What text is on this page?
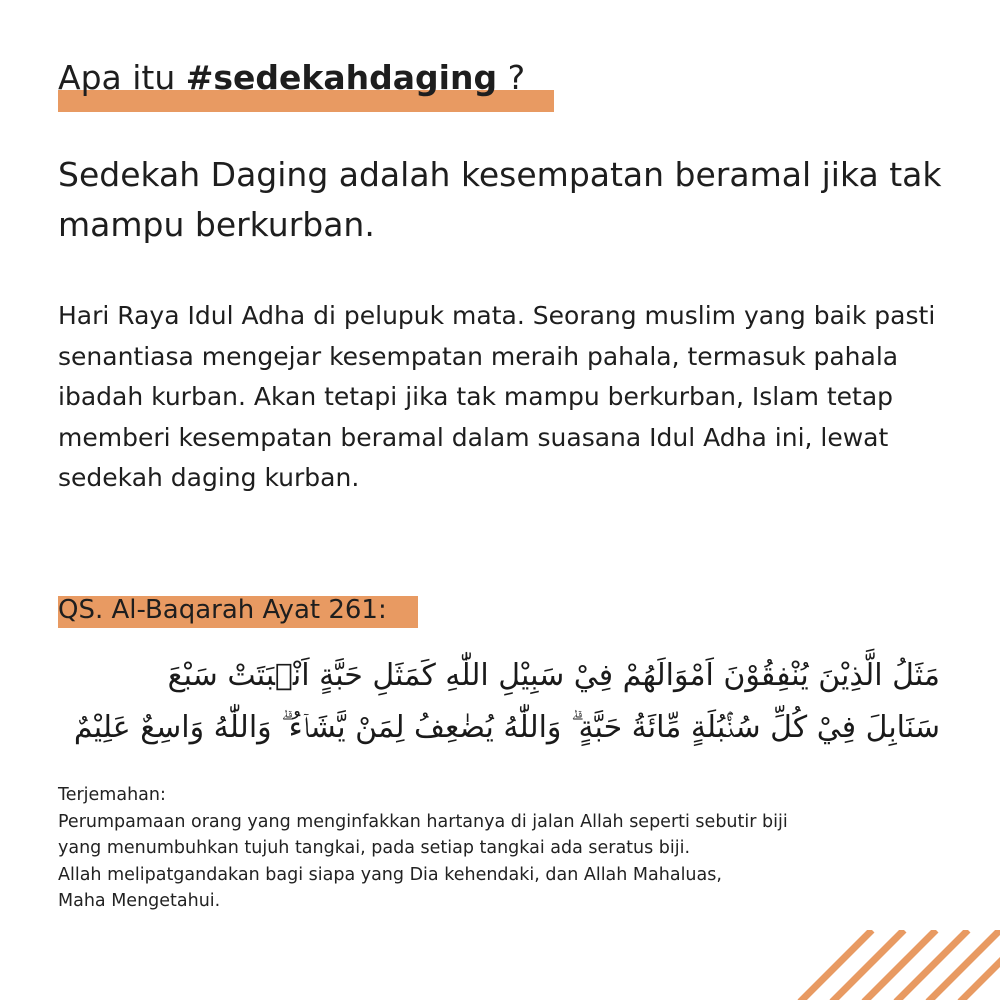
Apa itu #sedekahdaging ?

Sedekah Daging adalah kesempatan beramal jika tak mampu berkurban.

Hari Raya Idul Adha di pelupuk mata. Seorang muslim yang baik pasti senantiasa mengejar kesempatan meraih pahala, termasuk pahala ibadah kurban. Akan tetapi jika tak mampu berkurban, Islam tetap memberi kesempatan beramal dalam suasana Idul Adha ini, lewat sedekah daging kurban.

QS. Al-Baqarah Ayat 261:
مَثَلُ الَّذِيْنَ يُنْفِقُوْنَ اَمْوَالَهُمْ فِيْ سَبِيْلِ اللّٰهِ كَمَثَلِ حَبَّةٍ اَنْۢبَتَتْ سَبْعَ
سَنَابِلَ فِيْ كُلِّ سُنْۢبُلَةٍ مِّائَةُ حَبَّةٍ ۗ وَاللّٰهُ يُضٰعِفُ لِمَنْ يَّشَاۤءُ ۗ وَاللّٰهُ وَاسِعٌ عَلِيْمٌ
Terjemahan:
Perumpamaan orang yang menginfakkan hartanya di jalan Allah seperti sebutir biji
yang menumbuhkan tujuh tangkai, pada setiap tangkai ada seratus biji.
Allah melipatgandakan bagi siapa yang Dia kehendaki, dan Allah Mahaluas,
Maha Mengetahui.
